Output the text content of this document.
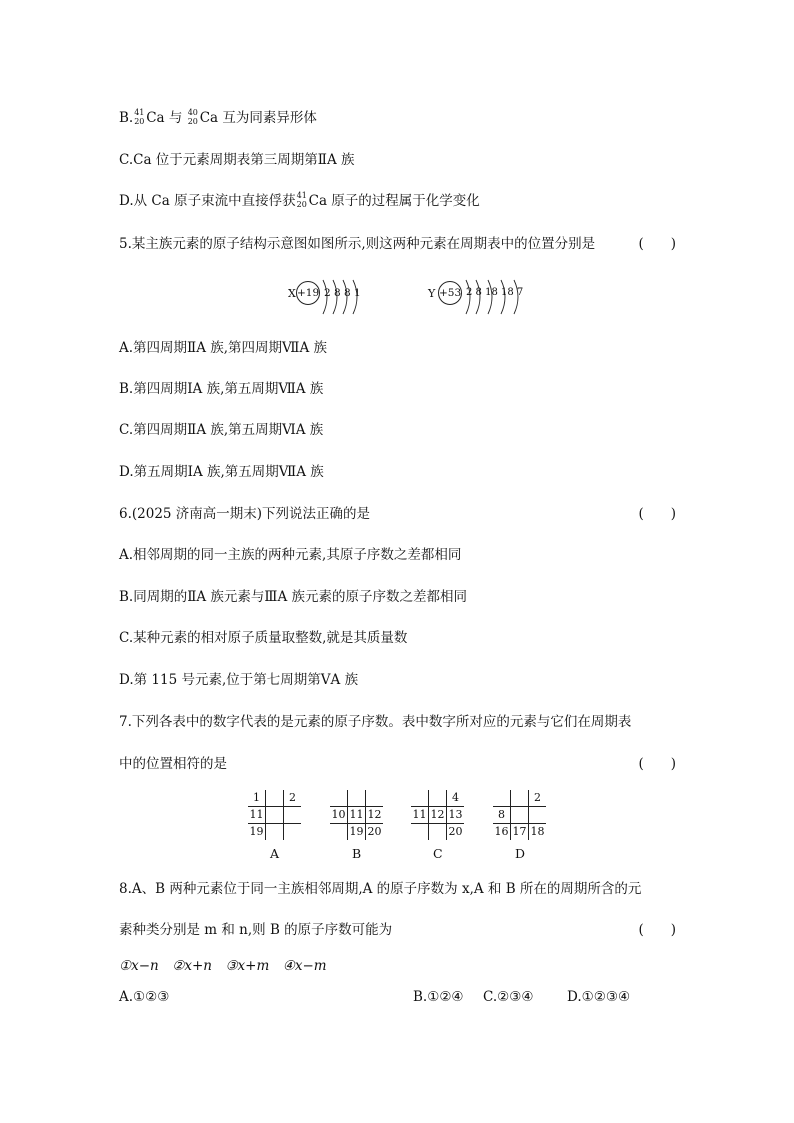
B. 41
20 Ca 与 40
20 Ca 互为同素异形体
C.Ca 位于元素周期表第三周期第ⅡA 族
D.从 Ca 原子束流中直接俘获 41
20 Ca 原子的过程属于化学变化
5.某主族元素的原子结构示意图如图所示,则这两种元素在周期表中的位置分别是	(　　)
X +19 2 8 8 1	Y +53 2 8 18 18 7
A.第四周期ⅡA 族,第四周期ⅦA 族
B.第四周期ⅠA 族,第五周期ⅦA 族
C.第四周期ⅡA 族,第五周期ⅥA 族
D.第五周期ⅠA 族,第五周期ⅦA 族
6.(2025 济南高一期末)下列说法正确的是	(　　)
A.相邻周期的同一主族的两种元素,其原子序数之差都相同
B.同周期的ⅡA 族元素与ⅢA 族元素的原子序数之差都相同
C.某种元素的相对原子质量取整数,就是其质量数
D.第 115 号元素,位于第七周期第ⅤA 族
7.下列各表中的数字代表的是元素的原子序数。表中数字所对应的元素与它们在周期表
中的位置相符的是	(　　)
1		2
11		
19		
A

10	11	12
	19	20
B
		4
11	12	13
		20
C
		2
8		
16	17	18
D
8.A、B 两种元素位于同一主族相邻周期,A 的原子序数为 x,A 和 B 所在的周期所含的元
素种类分别是 m 和 n,则 B 的原子序数可能为	(　　)
①x−n　②x+n　③x+m　④x−m
A.①②③	B.①②④ C.②③④ D.①②③④
